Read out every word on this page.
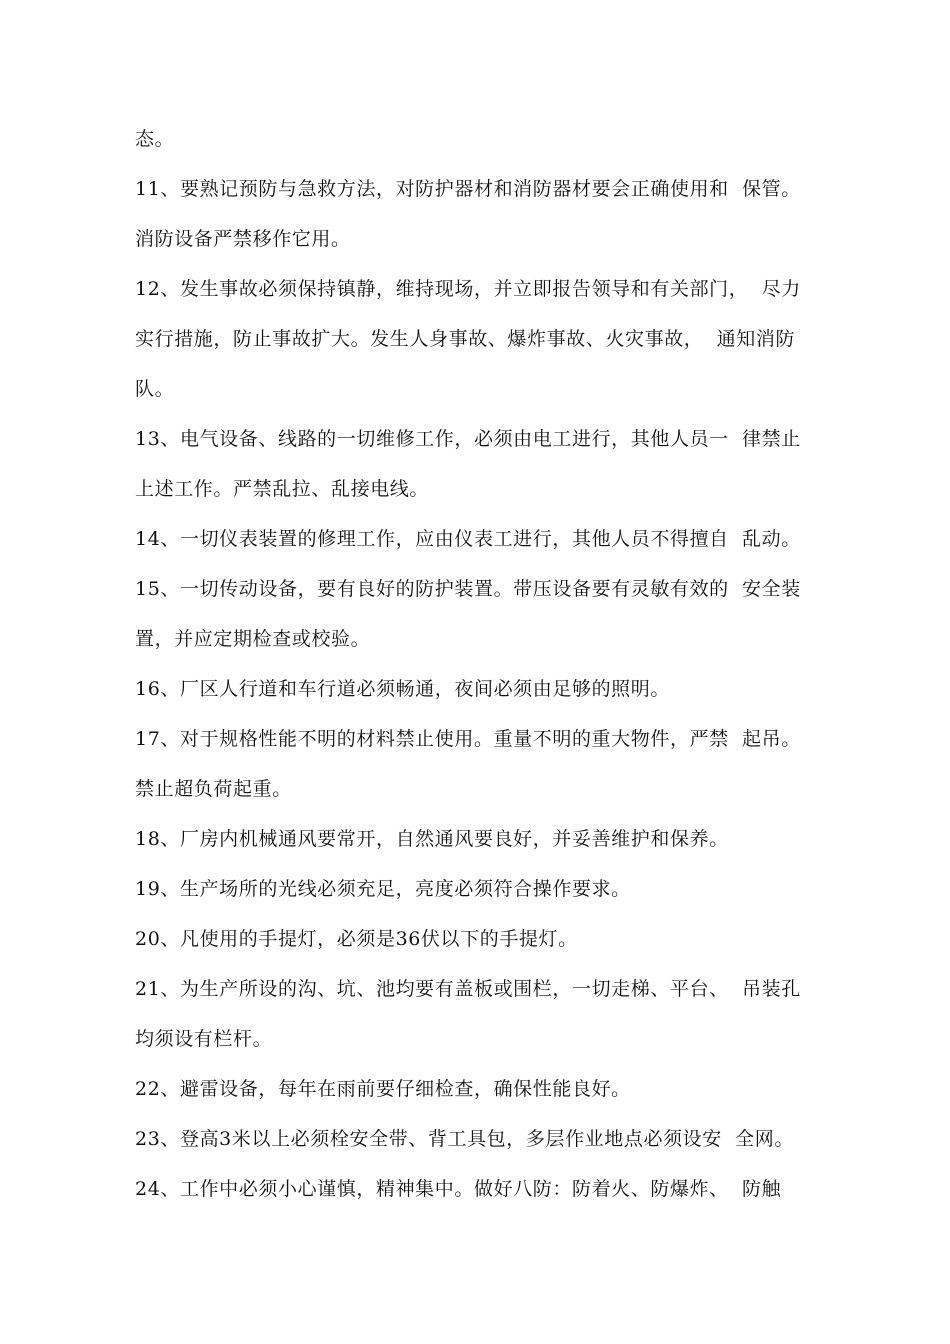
态。
11、要熟记预防与急救方法，对防护器材和消防器材要会正确使用和  保管。
消防设备严禁移作它用。
12、发生事故必须保持镇静，维持现场，并立即报告领导和有关部门，  尽力
实行措施，防止事故扩大。发生人身事故、爆炸事故、火灾事故，  通知消防
队。
13、电气设备、线路的一切维修工作，必须由电工进行，其他人员一  律禁止
上述工作。严禁乱拉、乱接电线。
14、一切仪表装置的修理工作，应由仪表工进行，其他人员不得擅自  乱动。
15、一切传动设备，要有良好的防护装置。带压设备要有灵敏有效的  安全装
置，并应定期检查或校验。
16、厂区人行道和车行道必须畅通，夜间必须由足够的照明。
17、对于规格性能不明的材料禁止使用。重量不明的重大物件，严禁  起吊。
禁止超负荷起重。
18、厂房内机械通风要常开，自然通风要良好，并妥善维护和保养。
19、生产场所的光线必须充足，亮度必须符合操作要求。
20、凡使用的手提灯，必须是36伏以下的手提灯。
21、为生产所设的沟、坑、池均要有盖板或围栏，一切走梯、平台、  吊装孔
均须设有栏杆。
22、避雷设备，每年在雨前要仔细检查，确保性能良好。
23、登高3米以上必须栓安全带、背工具包，多层作业地点必须设安  全网。
24、工作中必须小心谨慎，精神集中。做好八防：防着火、防爆炸、  防触
